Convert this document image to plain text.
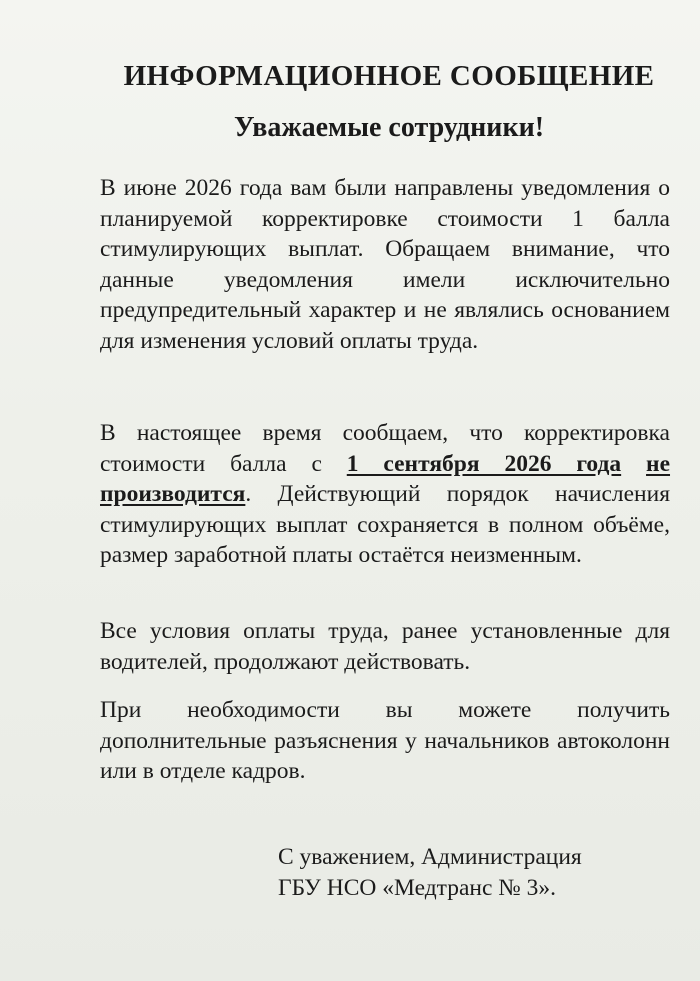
ИНФОРМАЦИОННОЕ СООБЩЕНИЕ
Уважаемые сотрудники!

В июне 2026 года вам были направлены уведомления о планируемой корректировке стоимости 1 балла стимулирующих выплат. Обращаем внимание, что данные уведомления имели исключительно предупредительный характер и не являлись основанием для изменения условий оплаты труда.

В настоящее время сообщаем, что корректировка стоимости балла с 1 сентября 2026 года не производится. Действующий порядок начисления стимулирующих выплат сохраняется в полном объёме, размер заработной платы остаётся неизменным.

Все условия оплаты труда, ранее установленные для водителей, продолжают действовать.

При необходимости вы можете получить дополнительные разъяснения у начальников автоколонн или в отделе кадров.

С уважением, Администрация
ГБУ НСО «Медтранс № 3».
